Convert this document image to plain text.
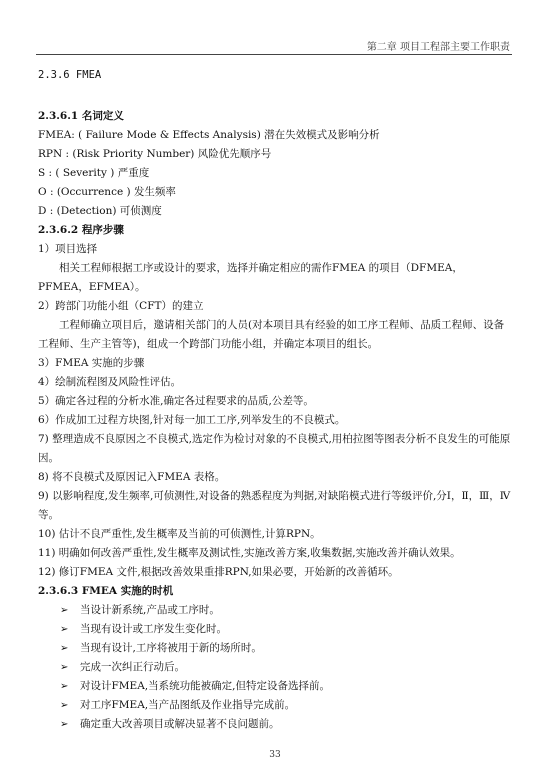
第二章 项目工程部主要工作职责
2.3.6 FMEA
2.3.6.1 名词定义
FMEA: ( Failure Mode & Effects Analysis) 潜在失效模式及影响分析
RPN : (Risk Priority Number) 风险优先顺序号
S : ( Severity ) 严重度
O : (Occurrence ) 发生频率
D : (Detection) 可侦测度
2.3.6.2 程序步骤
1）项目选择
相关工程师根据工序或设计的要求，选择并确定相应的需作FMEA 的项目（DFMEA，PFMEA，EFMEA）。
2）跨部门功能小组（CFT）的建立
工程师确立项目后，邀请相关部门的人员(对本项目具有经验的如工序工程师、品质工程师、设备工程师、生产主管等)，组成一个跨部门功能小组，并确定本项目的组长。
3）FMEA 实施的步骤
4）绘制流程图及风险性评估。
5）确定各过程的分析水准,确定各过程要求的品质,公差等。
6）作成加工过程方块图,针对每一加工工序,列举发生的不良模式。
7) 整理造成不良原因之不良模式,选定作为检讨对象的不良模式,用柏拉图等图表分析不良发生的可能原因。
8) 将不良模式及原因记入FMEA 表格。
9) 以影响程度,发生频率,可侦测性,对设备的熟悉程度为判据,对缺陷模式进行等级评价,分Ⅰ，Ⅱ，Ⅲ，Ⅳ等。
10) 估计不良严重性,发生概率及当前的可侦测性,计算RPN。
11) 明确如何改善严重性,发生概率及测试性,实施改善方案,收集数据,实施改善并确认效果。
12) 修订FMEA 文件,根据改善效果重排RPN,如果必要，开始新的改善循环。
2.3.6.3 FMEA 实施的时机
➢ 当设计新系统,产品或工序时。
➢ 当现有设计或工序发生变化时。
➢ 当现有设计,工序将被用于新的场所时。
➢ 完成一次纠正行动后。
➢ 对设计FMEA,当系统功能被确定,但特定设备选择前。
➢ 对工序FMEA,当产品图纸及作业指导完成前。
➢ 确定重大改善项目或解决显著不良问题前。
33
